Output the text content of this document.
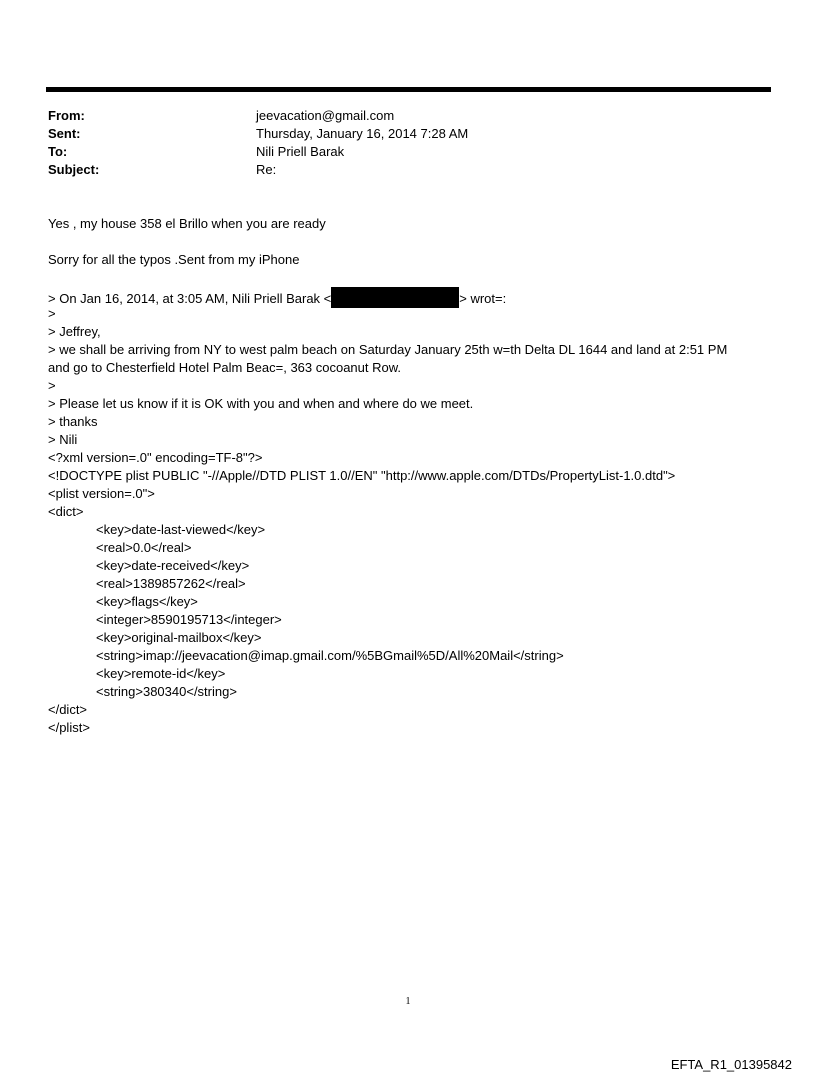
From:	jeevacation@gmail.com
Sent:	Thursday, January 16, 2014 7:28 AM
To:	Nili Priell Barak
Subject:	Re:
Yes , my house 358 el Brillo when you are ready
Sorry for all the typos .Sent from my iPhone
> On Jan 16, 2014, at 3:05 AM, Nili Priell Barak <	> wrot=:
>
> Jeffrey,
> we shall be arriving from NY to west palm beach on Saturday January 25th w=th Delta DL 1644 and land at 2:51 PM
and go to Chesterfield Hotel Palm Beac=, 363 cocoanut Row.
>
> Please let us know if it is OK with you and when and where do we meet.
> thanks
> Nili
<?xml version=.0" encoding=TF-8"?>
<!DOCTYPE plist PUBLIC "-//Apple//DTD PLIST 1.0//EN" "http://www.apple.com/DTDs/PropertyList-1.0.dtd">
<plist version=.0">
<dict>
<key>date-last-viewed</key>
<real>0.0</real>
<key>date-received</key>
<real>1389857262</real>
<key>flags</key>
<integer>8590195713</integer>
<key>original-mailbox</key>
<string>imap://jeevacation@imap.gmail.com/%5BGmail%5D/All%20Mail</string>
<key>remote-id</key>
<string>380340</string>
</dict>
</plist>
1
EFTA_R1_01395842
